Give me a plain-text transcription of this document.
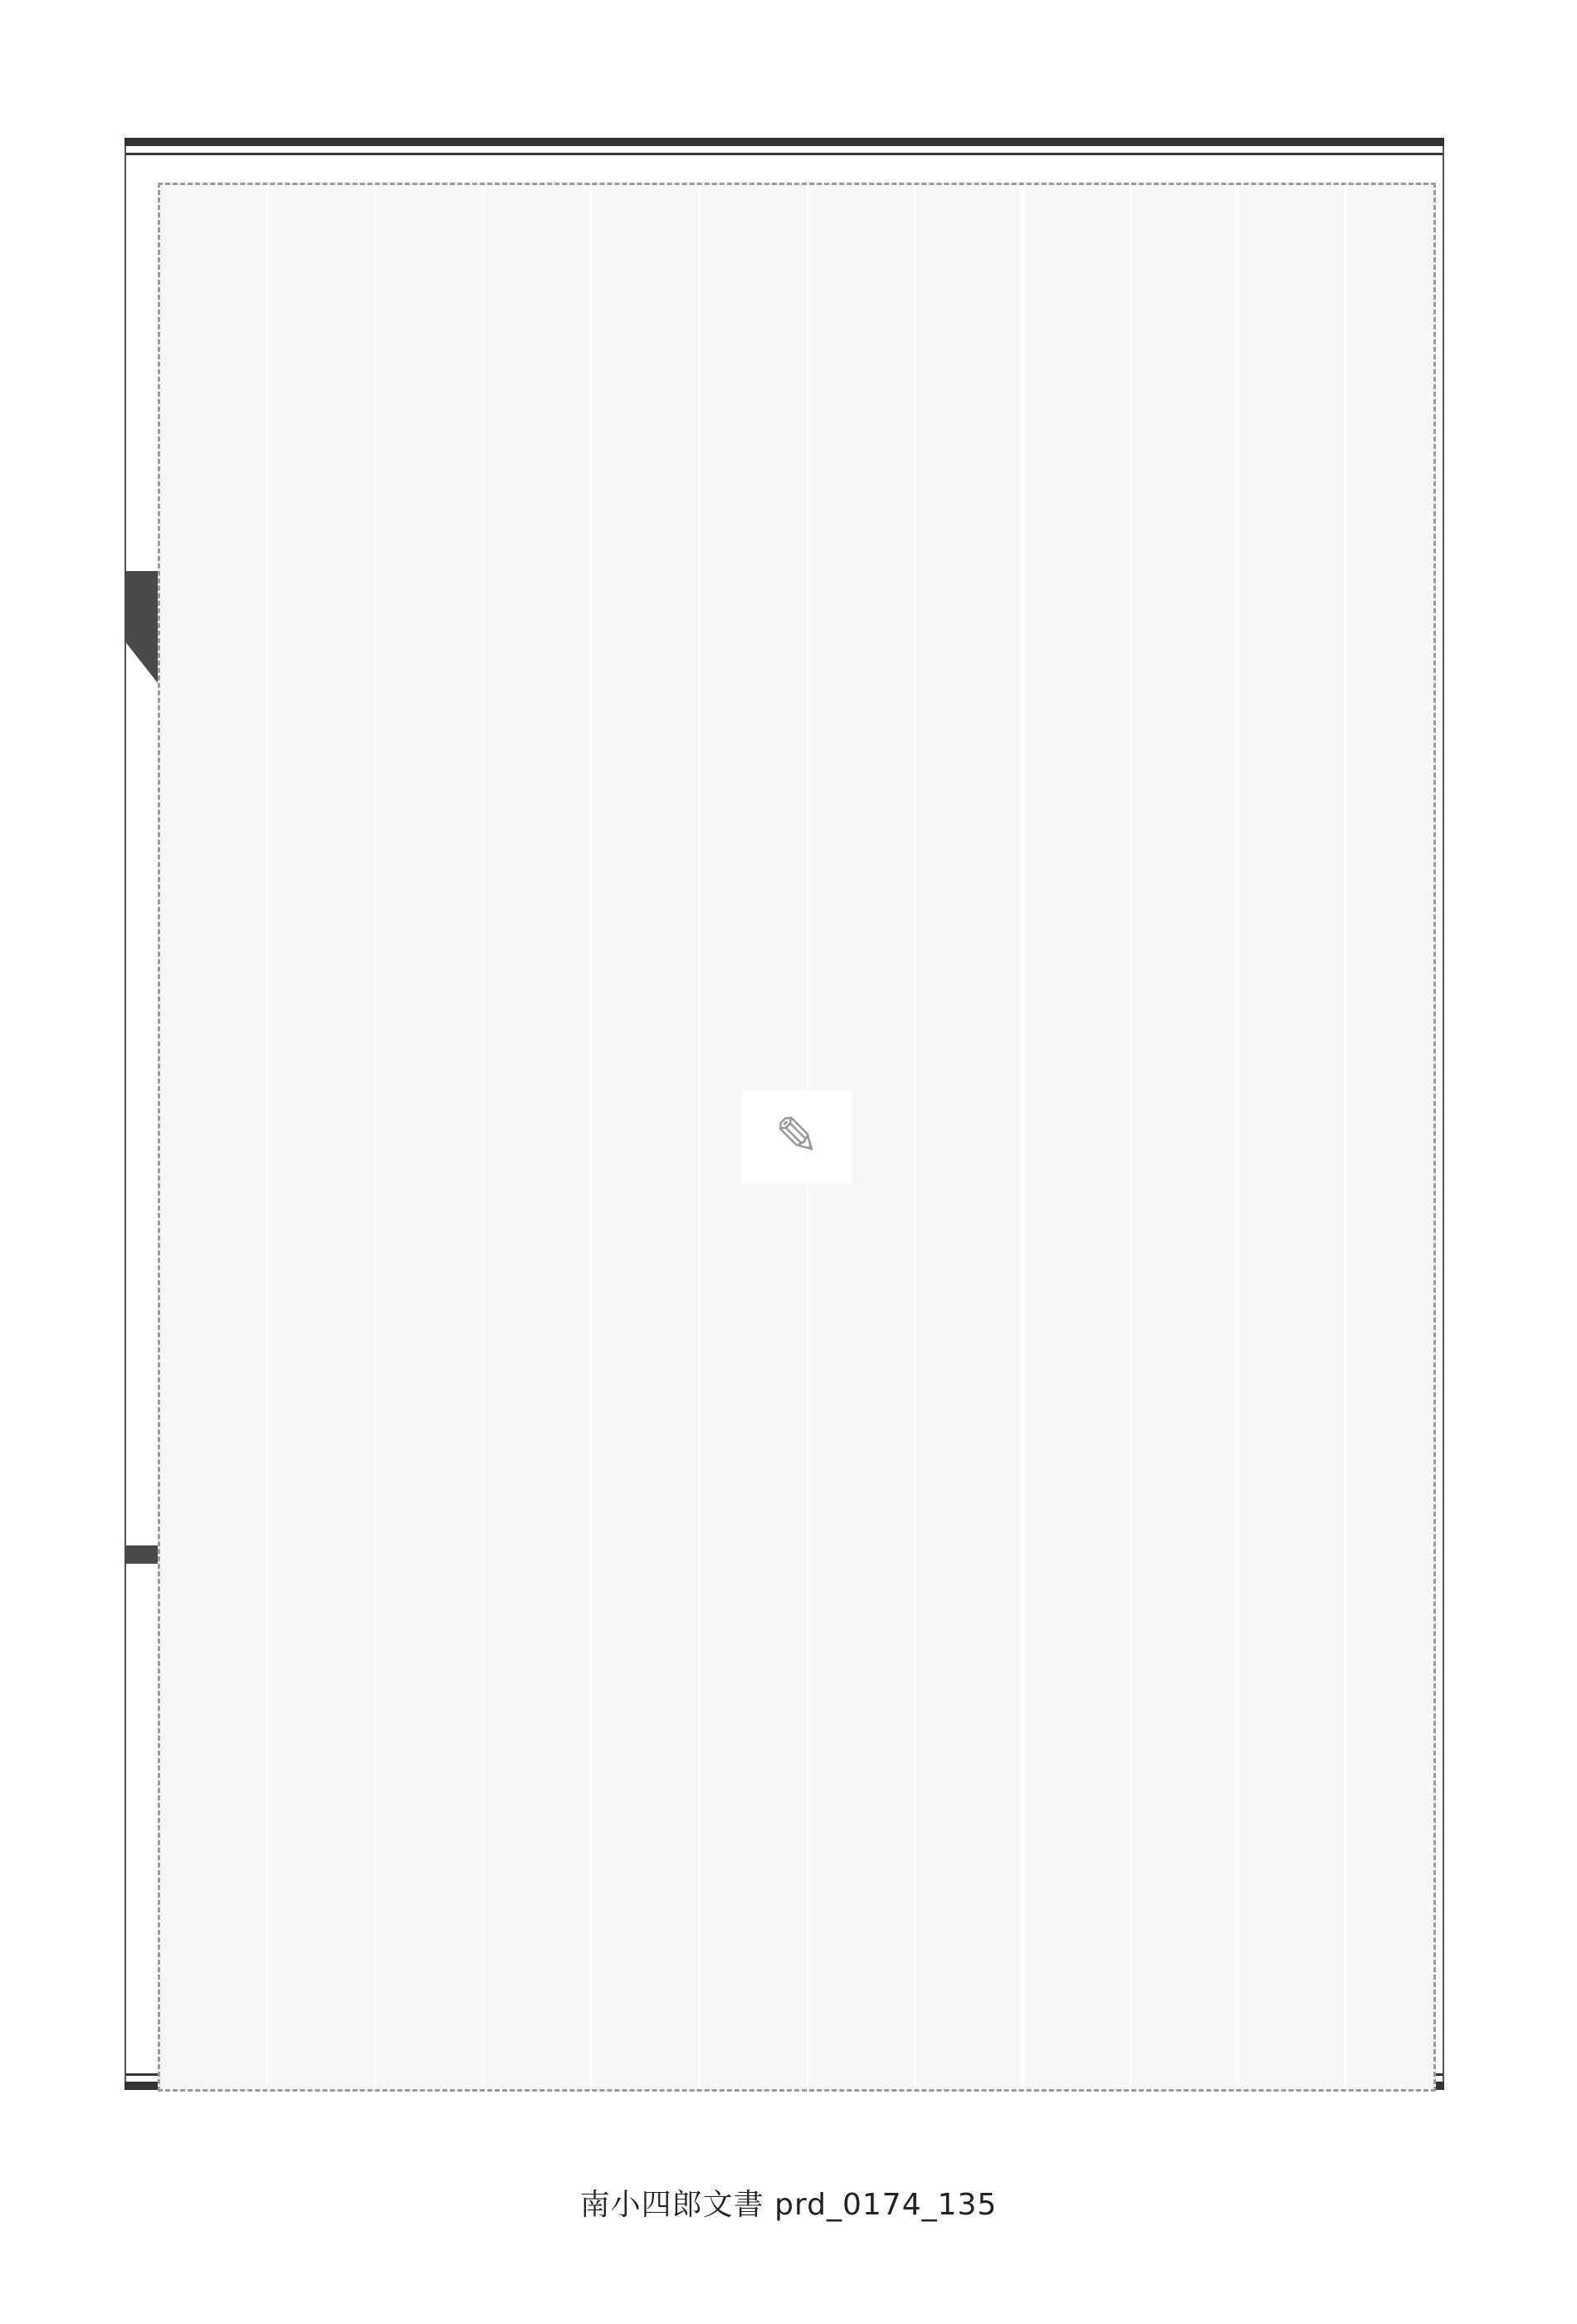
✎
南小四郎文書 prd_0174_135
